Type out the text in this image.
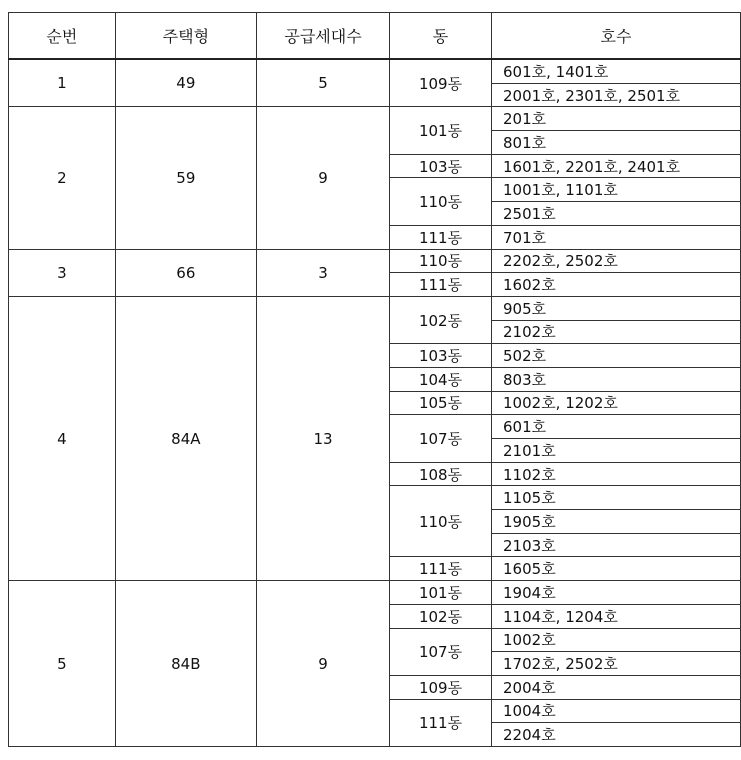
순번	주택형	공급세대수	동	호수
1	49	5	109동	601호, 1401호
				2001호, 2301호, 2501호
2	59	9	101동	201호
				801호
			103동	1601호, 2201호, 2401호
			110동	1001호, 1101호
				2501호
			111동	701호
3	66	3	110동	2202호, 2502호
			111동	1602호
4	84A	13	102동	905호
				2102호
			103동	502호
			104동	803호
			105동	1002호, 1202호
			107동	601호
				2101호
			108동	1102호
			110동	1105호
				1905호
				2103호
			111동	1605호
5	84B	9	101동	1904호
			102동	1104호, 1204호
			107동	1002호
				1702호, 2502호
			109동	2004호
			111동	1004호
				2204호
